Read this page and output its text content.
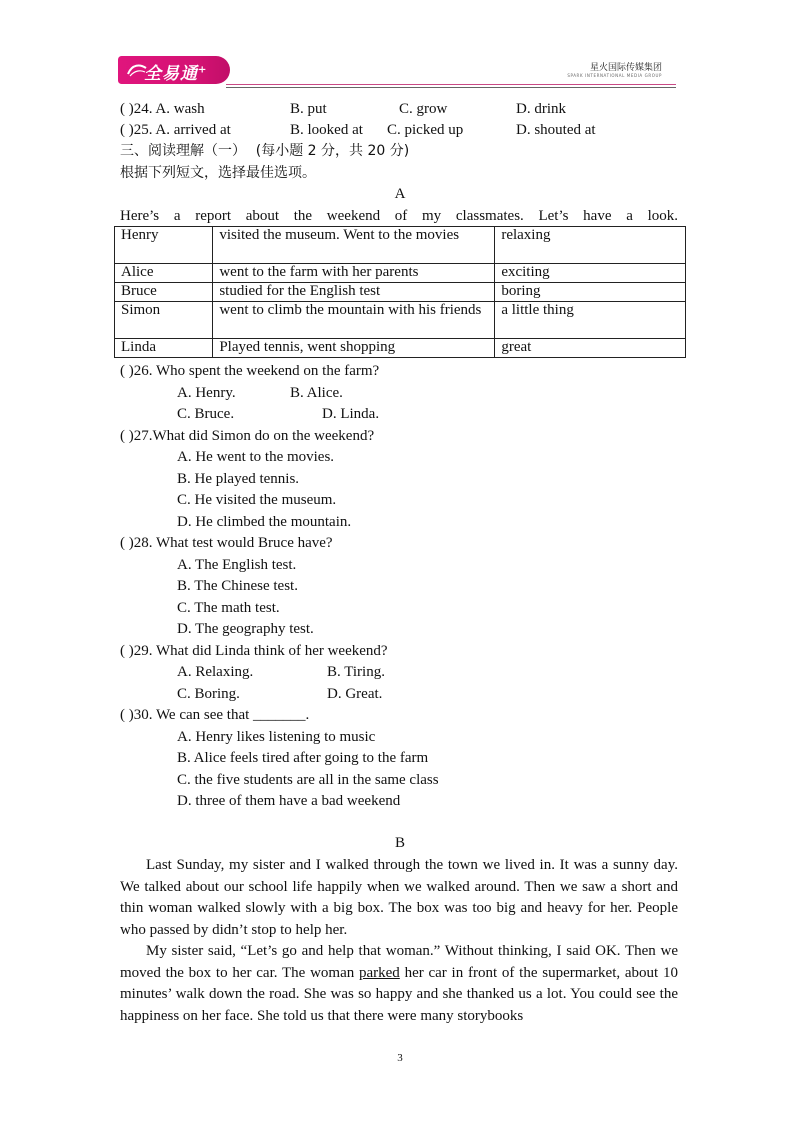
全易通+	星火国际传媒集团
SPARK INTERNATIONAL MEDIA GROUP
( )24. A. wash	B. put	C. grow	D. drink
( )25. A. arrived at	B. looked at C. picked up	D. shouted at
三、阅读理解（一） (每小题 2 分，共 20 分)
根据下列短文，选择最佳选项。
A
Here’s a report about the weekend of my classmates. Let’s have a look.
Henry	visited the museum. Went to the movies	relaxing
Alice	went to the farm with her parents	exciting
Bruce	studied for the English test	boring
Simon	went to climb the mountain with his friends	a little thing
Linda	Played tennis, went shopping	great
( )26. Who spent the weekend on the farm?
A. Henry.	B. Alice.
C. Bruce.	D. Linda.
( )27.What did Simon do on the weekend?
A. He went to the movies.
B. He played tennis.
C. He visited the museum.
D. He climbed the mountain.
( )28. What test would Bruce have?
A. The English test.
B. The Chinese test.
C. The math test.
D. The geography test.
( )29. What did Linda think of her weekend?
A. Relaxing.	B. Tiring.
C. Boring.	D. Great.
( )30. We can see that _______.
A. Henry likes listening to music
B. Alice feels tired after going to the farm
C. the five students are all in the same class
D. three of them have a bad weekend
B

Last Sunday, my sister and I walked through the town we lived in. It was a sunny day. We talked about our school life happily when we walked around. Then we saw a short and thin woman walked slowly with a big box. The box was too big and heavy for her. People who passed by didn’t stop to help her.

My sister said, “Let’s go and help that woman.” Without thinking, I said OK. Then we moved the box to her car. The woman parked her car in front of the supermarket, about 10 minutes’ walk down the road. She was so happy and she thanked us a lot. You could see the happiness on her face. She told us that there were many storybooks

3
